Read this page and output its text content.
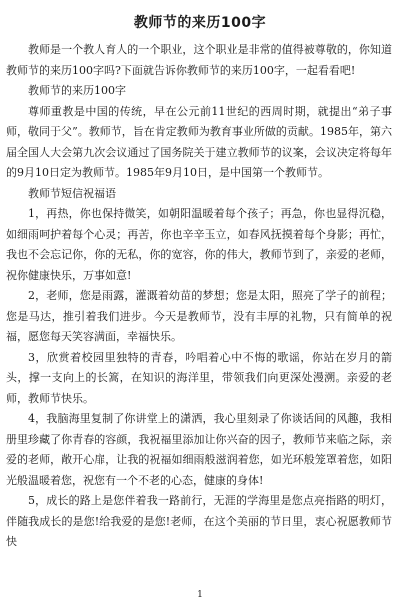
教师节的来历100字

教师是一个教人育人的一个职业，这个职业是非常的值得被尊敬的，你知道教师节的来历100字吗?下面就告诉你教师节的来历100字，一起看看吧!

教师节的来历100字

尊师重教是中国的传统，早在公元前11世纪的西周时期，就提出“弟子事师，敬同于父”。教师节，旨在肯定教师为教育事业所做的贡献。1985年，第六届全国人大会第九次会议通过了国务院关于建立教师节的议案，会议决定将每年的9月10日定为教师节。1985年9月10日，是中国第一个教师节。

教师节短信祝福语

1，再热，你也保持微笑，如朝阳温暖着每个孩子；再急，你也显得沉稳，如细雨呵护着每个心灵；再苦，你也辛辛玉立，如春风抚摸着每个身影；再忙，我也不会忘记你，你的无私，你的宽容，你的伟大，教师节到了，亲爱的老师，祝你健康快乐，万事如意!

2，老师，您是雨露，灌溉着幼苗的梦想；您是太阳，照亮了学子的前程；您是马达，推引着我们进步。今天是教师节，没有丰厚的礼物，只有简单的祝福，愿您每天笑容满面，幸福快乐。

3，欣赏着校园里独特的青春，吟唱着心中不悔的歌谣，你站在岁月的箭头，撑一支向上的长篙，在知识的海洋里，带领我们向更深处漫溯。亲爱的老师，教师节快乐。

4，我脑海里复制了你讲堂上的潇洒，我心里刻录了你谈话间的风趣，我相册里珍藏了你青春的容颜，我祝福里添加让你兴奋的因子，教师节来临之际，亲爱的老师，敞开心扉，让我的祝福如细雨般滋润着您，如光环般笼罩着您，如阳光般温暖着您，祝您有一个不老的心态，健康的身体!

5，成长的路上是您伴着我一路前行，无涯的学海里是您点亮指路的明灯，伴随我成长的是您!给我爱的是您!老师，在这个美丽的节日里，衷心祝愿教师节快

1
